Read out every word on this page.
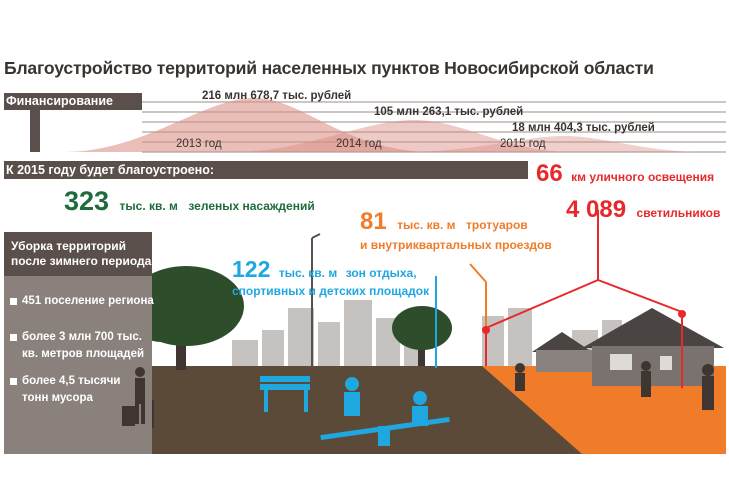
Благоустройство территорий населенных пунктов Новосибирской области
Финансирование	216 млн 678,7 тыс. рублей
105 млн 263,1 тыс. рублей
18 млн 404,3 тыс. рублей
2013 год	2014 год	2015 год
К 2015 году будет благоустроено:
Уборка территорий после зимнего периода
451 поселение региона
более 3 млн 700 тыс.
кв. метров площадей
более 4,5 тысячи
тонн мусора
323 тыс. кв. м зеленых насаждений
122 тыс. кв. м зон отдыха,
спортивных и детских площадок
81 тыс. кв. м тротуаров
и внутриквартальных проездов
66 км уличного освещения
4 089 светильников
